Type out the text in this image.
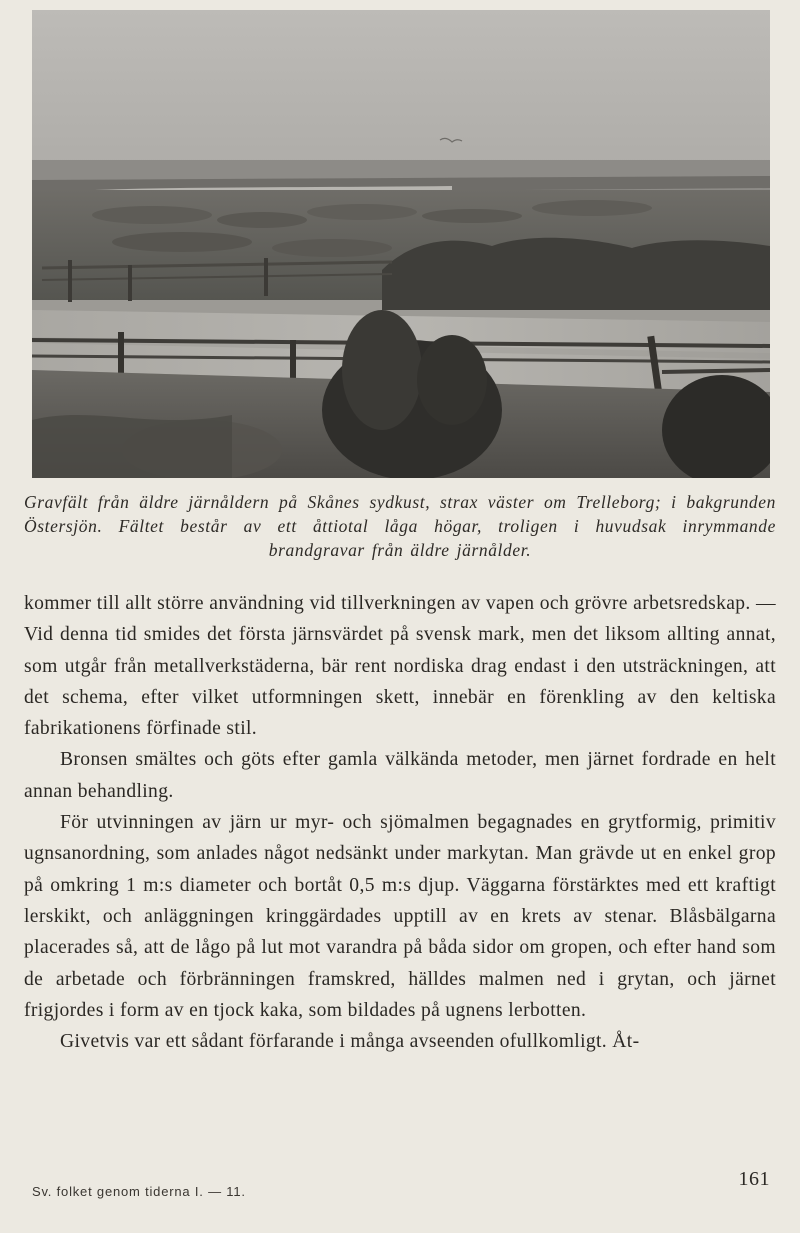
Gravfält från äldre järnåldern på Skånes sydkust, strax väster om Trelleborg; i bakgrunden Östersjön. Fältet består av ett åttiotal låga högar, troligen i huvudsak inrymmande brandgravar från äldre järnålder.

kommer till allt större användning vid tillverkningen av vapen och grövre arbetsredskap. — Vid denna tid smides det första järnsvärdet på svensk mark, men det liksom allting annat, som utgår från metallverkstäderna, bär rent nordiska drag endast i den utsträckningen, att det schema, efter vilket utformningen skett, innebär en förenkling av den keltiska fabrikationens förfinade stil.

Bronsen smältes och göts efter gamla välkända metoder, men järnet fordrade en helt annan behandling.

För utvinningen av järn ur myr- och sjömalmen begagnades en grytformig, primitiv ugnsanordning, som anlades något nedsänkt under markytan. Man grävde ut en enkel grop på omkring 1 m:s diameter och bortåt 0,5 m:s djup. Väggarna förstärktes med ett kraftigt lerskikt, och anläggningen kringgärdades upptill av en krets av stenar. Blåsbälgarna placerades så, att de lågo på lut mot varandra på båda sidor om gropen, och efter hand som de arbetade och förbränningen framskred, hälldes malmen ned i grytan, och järnet frigjordes i form av en tjock kaka, som bildades på ugnens lerbotten.

Givetvis var ett sådant förfarande i många avseenden ofullkomligt. Åt-

Sv. folket genom tiderna I. — 11.
161
